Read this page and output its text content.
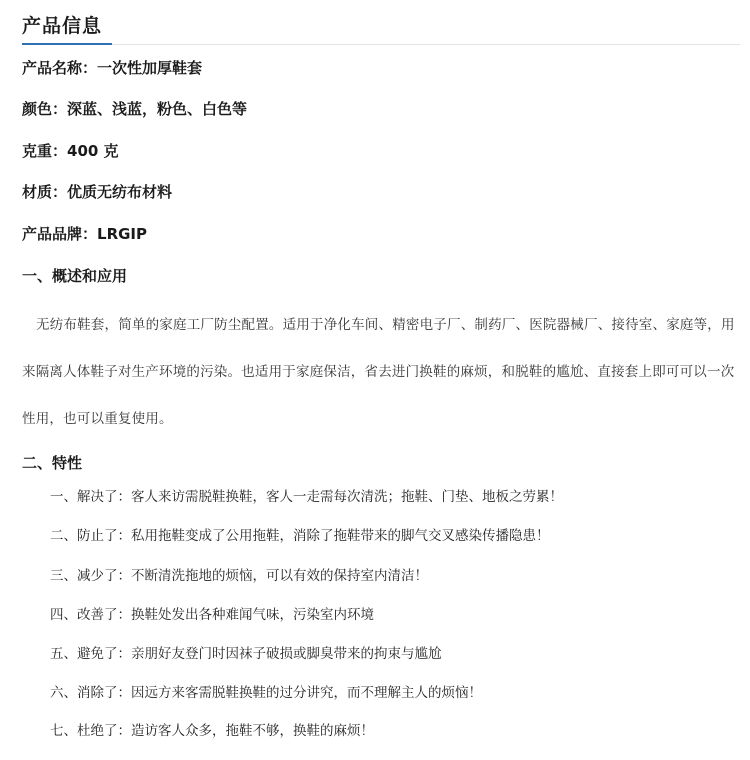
产品信息
产品名称：一次性加厚鞋套
颜色：深蓝、浅蓝，粉色、白色等
克重：400 克
材质：优质无纺布材料
产品品牌：LRGIP
一、概述和应用
无纺布鞋套，简单的家庭工厂防尘配置。适用于净化车间、精密电子厂、制药厂、医院器械厂、接待室、家庭等，用来隔离人体鞋子对生产环境的污染。也适用于家庭保洁，省去进门换鞋的麻烦，和脱鞋的尴尬、直接套上即可可以一次性用，也可以重复使用。
二、特性
一、解决了：客人来访需脱鞋换鞋，客人一走需每次清洗；拖鞋、门垫、地板之劳累！
二、防止了：私用拖鞋变成了公用拖鞋，消除了拖鞋带来的脚气交叉感染传播隐患！
三、减少了：不断清洗拖地的烦恼，可以有效的保持室内清洁！
四、改善了：换鞋处发出各种难闻气味，污染室内环境
五、避免了：亲朋好友登门时因袜子破损或脚臭带来的拘束与尴尬
六、消除了：因远方来客需脱鞋换鞋的过分讲究，而不理解主人的烦恼！
七、杜绝了：造访客人众多，拖鞋不够，换鞋的麻烦！
